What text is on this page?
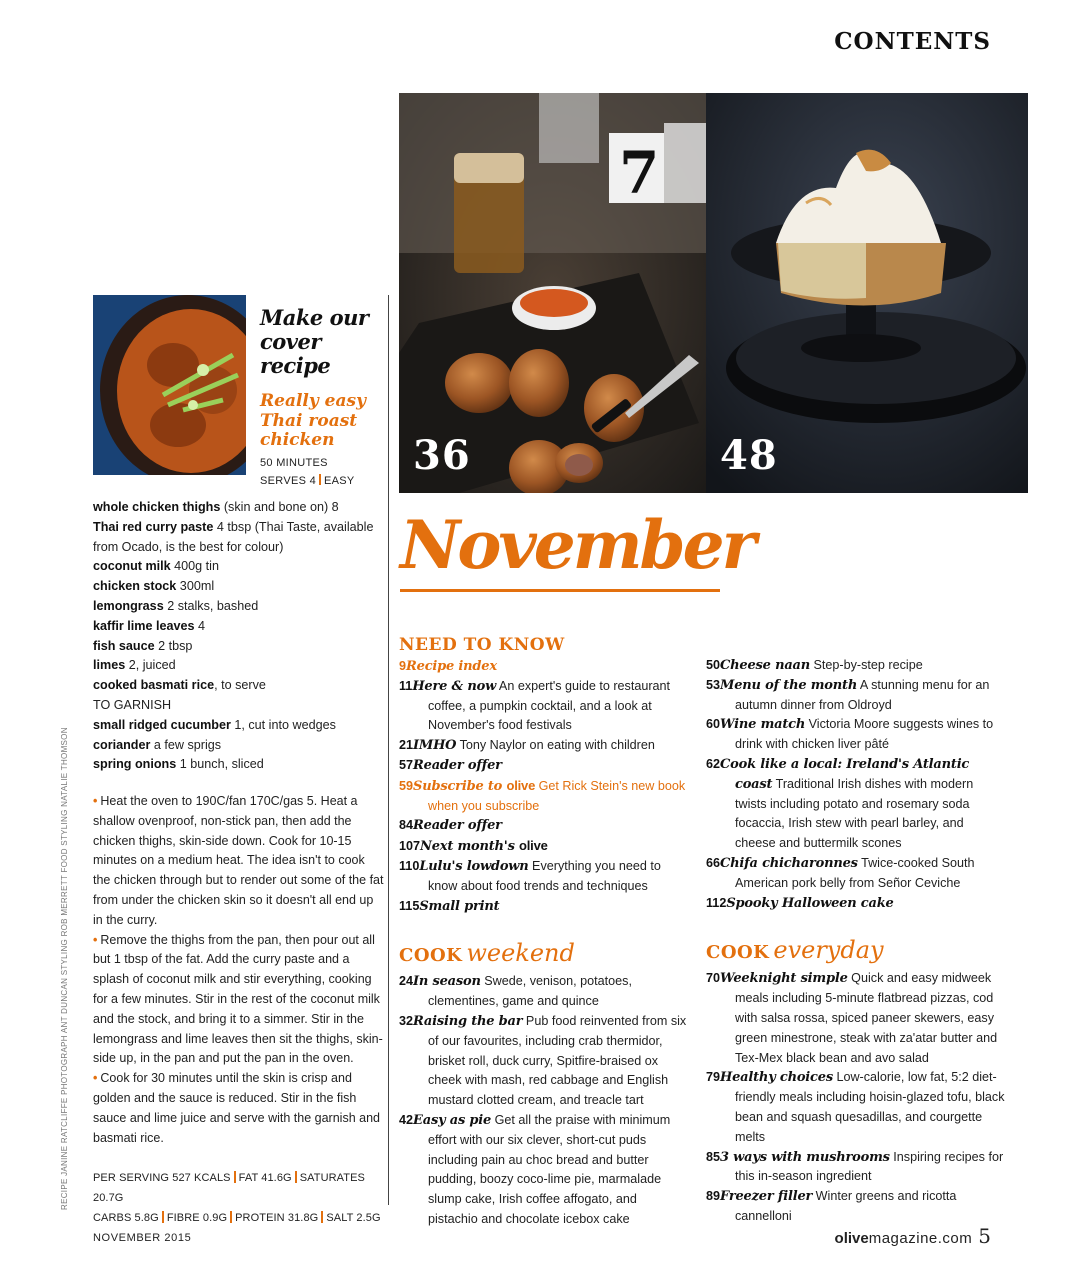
CONTENTS
7
36	48
RECIPE JANINE RATCLIFFE PHOTOGRAPH ANT DUNCAN STYLING ROB MERRETT FOOD STYLING NATALIE THOMSON
Make our
cover recipe
Really easy
Thai roast
chicken
50 MINUTES
SERVES 4 EASY
whole chicken thighs (skin and bone on) 8
Thai red curry paste 4 tbsp (Thai Taste, available from Ocado, is the best for colour)
coconut milk 400g tin
chicken stock 300ml
lemongrass 2 stalks, bashed
kaffir lime leaves 4
fish sauce 2 tbsp
limes 2, juiced
cooked basmati rice, to serve
TO GARNISH
small ridged cucumber 1, cut into wedges
coriander a few sprigs
spring onions 1 bunch, sliced

• Heat the oven to 190C/fan 170C/gas 5. Heat a shallow ovenproof, non-stick pan, then add the chicken thighs, skin-side down. Cook for 10-15 minutes on a medium heat. The idea isn't to cook the chicken through but to render out some of the fat from under the chicken skin so it doesn't all end up in the curry.

• Remove the thighs from the pan, then pour out all but 1 tbsp of the fat. Add the curry paste and a splash of coconut milk and stir everything, cooking for a few minutes. Stir in the rest of the coconut milk and the stock, and bring it to a simmer. Stir in the lemongrass and lime leaves then sit the thighs, skin-side up, in the pan and put the pan in the oven.

• Cook for 30 minutes until the skin is crisp and golden and the sauce is reduced. Stir in the fish sauce and lime juice and serve with the garnish and basmati rice.

PER SERVING 527 KCALS FAT 41.6G SATURATES 20.7G
CARBS 5.8G FIBRE 0.9G PROTEIN 31.8G SALT 2.5G
November
NEED TO KNOW
9Recipe index
11Here & now An expert's guide to restaurant coffee, a pumpkin cocktail, and a look at November's food festivals
21IMHO Tony Naylor on eating with children
57Reader offer
59Subscribe to olive Get Rick Stein's new book when you subscribe
84Reader offer
107Next month's olive
110Lulu's lowdown Everything you need to know about food trends and techniques
115Small print
COOK weekend
24In season Swede, venison, potatoes, clementines, game and quince
32Raising the bar Pub food reinvented from six of our favourites, including crab thermidor, brisket roll, duck curry, Spitfire-braised ox cheek with mash, red cabbage and English mustard clotted cream, and treacle tart
42Easy as pie Get all the praise with minimum effort with our six clever, short-cut puds including pain au choc bread and butter pudding, boozy coco-lime pie, marmalade slump cake, Irish coffee affogato, and pistachio and chocolate icebox cake
50Cheese naan Step-by-step recipe
53Menu of the month A stunning menu for an autumn dinner from Oldroyd
60Wine match Victoria Moore suggests wines to drink with chicken liver pâté
62Cook like a local: Ireland's Atlantic coast Traditional Irish dishes with modern twists including potato and rosemary soda focaccia, Irish stew with pearl barley, and cheese and buttermilk scones
66Chifa chicharonnes Twice-cooked South American pork belly from Señor Ceviche
112Spooky Halloween cake
COOK everyday
70Weeknight simple Quick and easy midweek meals including 5-minute flatbread pizzas, cod with salsa rossa, spiced paneer skewers, easy green minestrone, steak with za'atar butter and Tex-Mex black bean and avo salad
79Healthy choices Low-calorie, low fat, 5:2 diet-friendly meals including hoisin-glazed tofu, black bean and squash quesadillas, and courgette melts
853 ways with mushrooms Inspiring recipes for this in-season ingredient
89Freezer filler Winter greens and ricotta cannelloni
NOVEMBER 2015	olivemagazine.com 5
